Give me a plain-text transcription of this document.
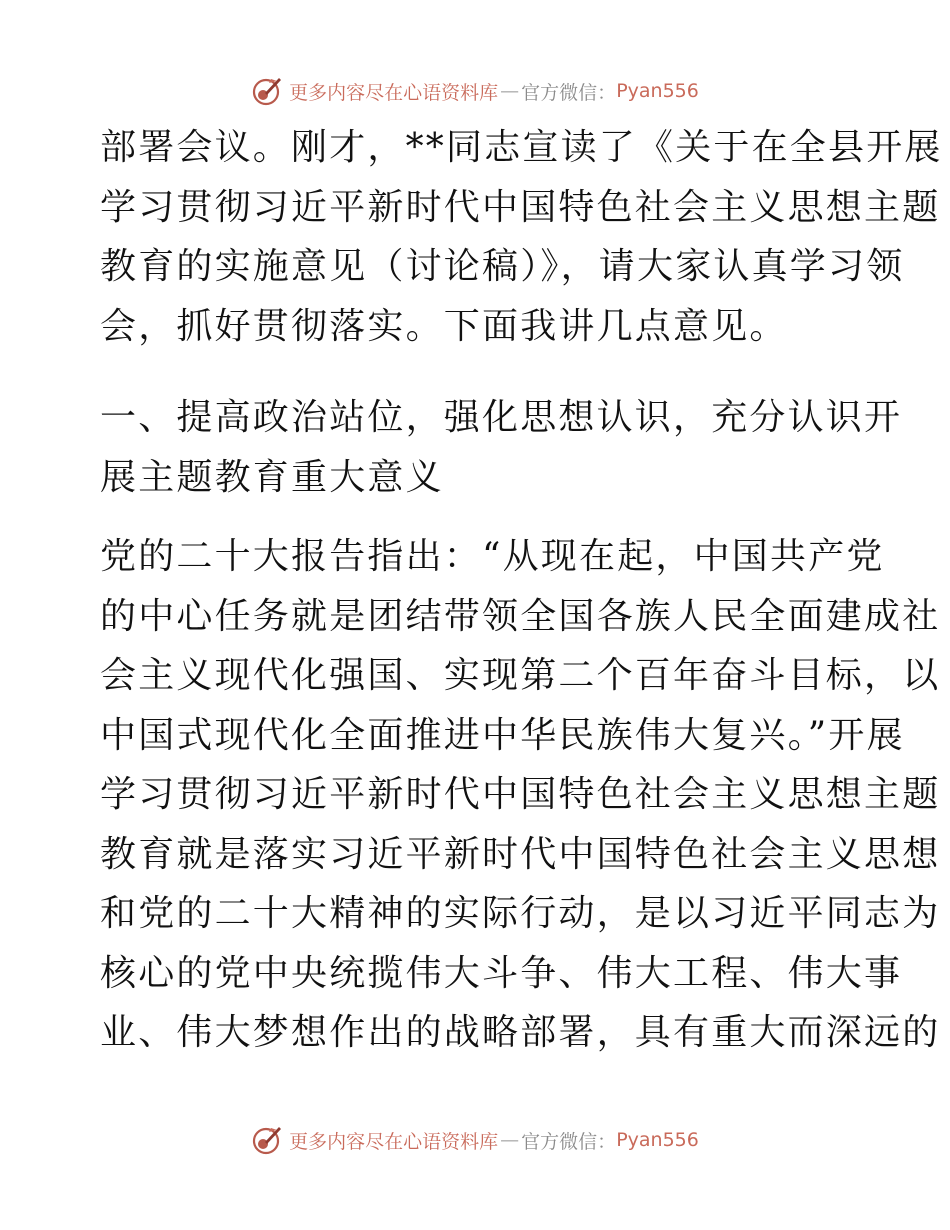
更多内容尽在心语资料库 — 官方微信： Pyan556
部署会议。刚才，**同志宣读了《关于在全县开展
学习贯彻习近平新时代中国特色社会主义思想主题
教育的实施意见（讨论稿）》，请大家认真学习领
会，抓好贯彻落实。下面我讲几点意见。
一、提高政治站位，强化思想认识，充分认识开
展主题教育重大意义
党的二十大报告指出：“从现在起，中国共产党
的中心任务就是团结带领全国各族人民全面建成社
会主义现代化强国、实现第二个百年奋斗目标，以
中国式现代化全面推进中华民族伟大复兴。”开展
学习贯彻习近平新时代中国特色社会主义思想主题
教育就是落实习近平新时代中国特色社会主义思想
和党的二十大精神的实际行动，是以习近平同志为
核心的党中央统揽伟大斗争、伟大工程、伟大事
业、伟大梦想作出的战略部署，具有重大而深远的
更多内容尽在心语资料库 — 官方微信： Pyan556
